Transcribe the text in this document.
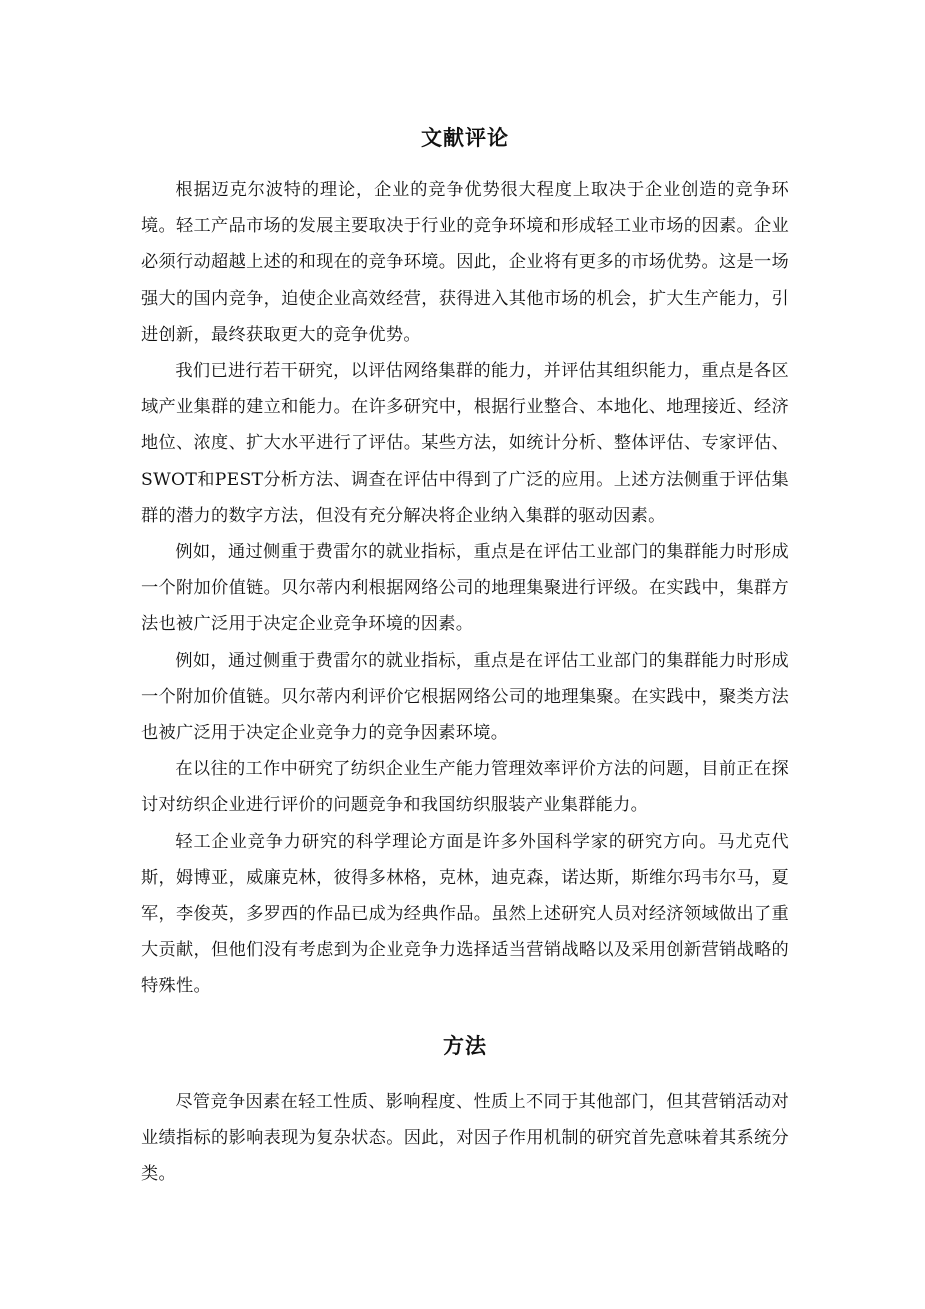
文献评论

根据迈克尔波特的理论，企业的竞争优势很大程度上取决于企业创造的竞争环境。轻工产品市场的发展主要取决于行业的竞争环境和形成轻工业市场的因素。企业必须行动超越上述的和现在的竞争环境。因此，企业将有更多的市场优势。这是一场强大的国内竞争，迫使企业高效经营，获得进入其他市场的机会，扩大生产能力，引进创新，最终获取更大的竞争优势。

我们已进行若干研究，以评估网络集群的能力，并评估其组织能力，重点是各区域产业集群的建立和能力。在许多研究中，根据行业整合、本地化、地理接近、经济地位、浓度、扩大水平进行了评估。某些方法，如统计分析、整体评估、专家评估、SWOT和PEST分析方法、调查在评估中得到了广泛的应用。上述方法侧重于评估集群的潜力的数字方法，但没有充分解决将企业纳入集群的驱动因素。

例如，通过侧重于费雷尔的就业指标，重点是在评估工业部门的集群能力时形成一个附加价值链。贝尔蒂内利根据网络公司的地理集聚进行评级。在实践中，集群方法也被广泛用于决定企业竞争环境的因素。

例如，通过侧重于费雷尔的就业指标，重点是在评估工业部门的集群能力时形成一个附加价值链。贝尔蒂内利评价它根据网络公司的地理集聚。在实践中，聚类方法也被广泛用于决定企业竞争力的竞争因素环境。

在以往的工作中研究了纺织企业生产能力管理效率评价方法的问题，目前正在探讨对纺织企业进行评价的问题竞争和我国纺织服装产业集群能力。

轻工企业竞争力研究的科学理论方面是许多外国科学家的研究方向。马尤克代斯，姆博亚，威廉克林，彼得多林格，克林，迪克森，诺达斯，斯维尔玛韦尔马，夏军，李俊英，多罗西的作品已成为经典作品。虽然上述研究人员对经济领域做出了重大贡献，但他们没有考虑到为企业竞争力选择适当营销战略以及采用创新营销战略的特殊性。

方法

尽管竞争因素在轻工性质、影响程度、性质上不同于其他部门，但其营销活动对业绩指标的影响表现为复杂状态。因此，对因子作用机制的研究首先意味着其系统分类。
